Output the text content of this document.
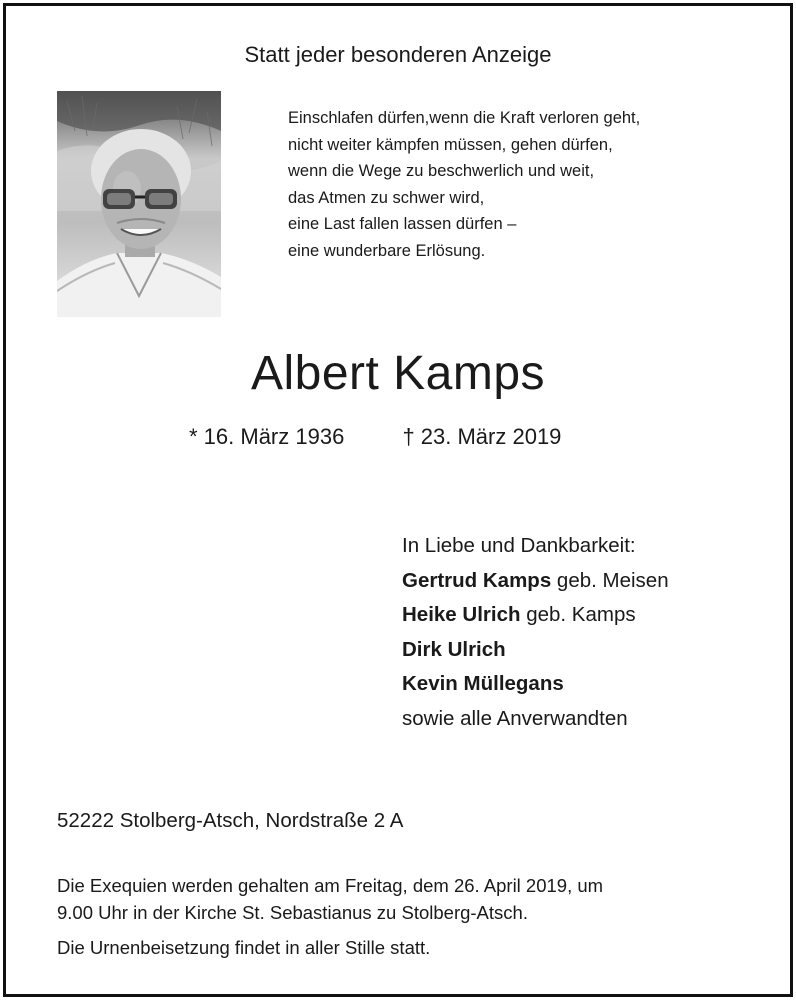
Statt jeder besonderen Anzeige
Einschlafen dürfen,wenn die Kraft verloren geht,
nicht weiter kämpfen müssen, gehen dürfen,
wenn die Wege zu beschwerlich und weit,
das Atmen zu schwer wird,
eine Last fallen lassen dürfen –
eine wunderbare Erlösung.
Albert Kamps
* 16. März 1936	† 23. März 2019
In Liebe und Dankbarkeit:
Gertrud Kamps geb. Meisen
Heike Ulrich geb. Kamps
Dirk Ulrich
Kevin Müllegans
sowie alle Anverwandten
52222 Stolberg-Atsch, Nordstraße 2 A
Die Exequien werden gehalten am Freitag, dem 26. April 2019, um
9.00 Uhr in der Kirche St. Sebastianus zu Stolberg-Atsch.
Die Urnenbeisetzung findet in aller Stille statt.
